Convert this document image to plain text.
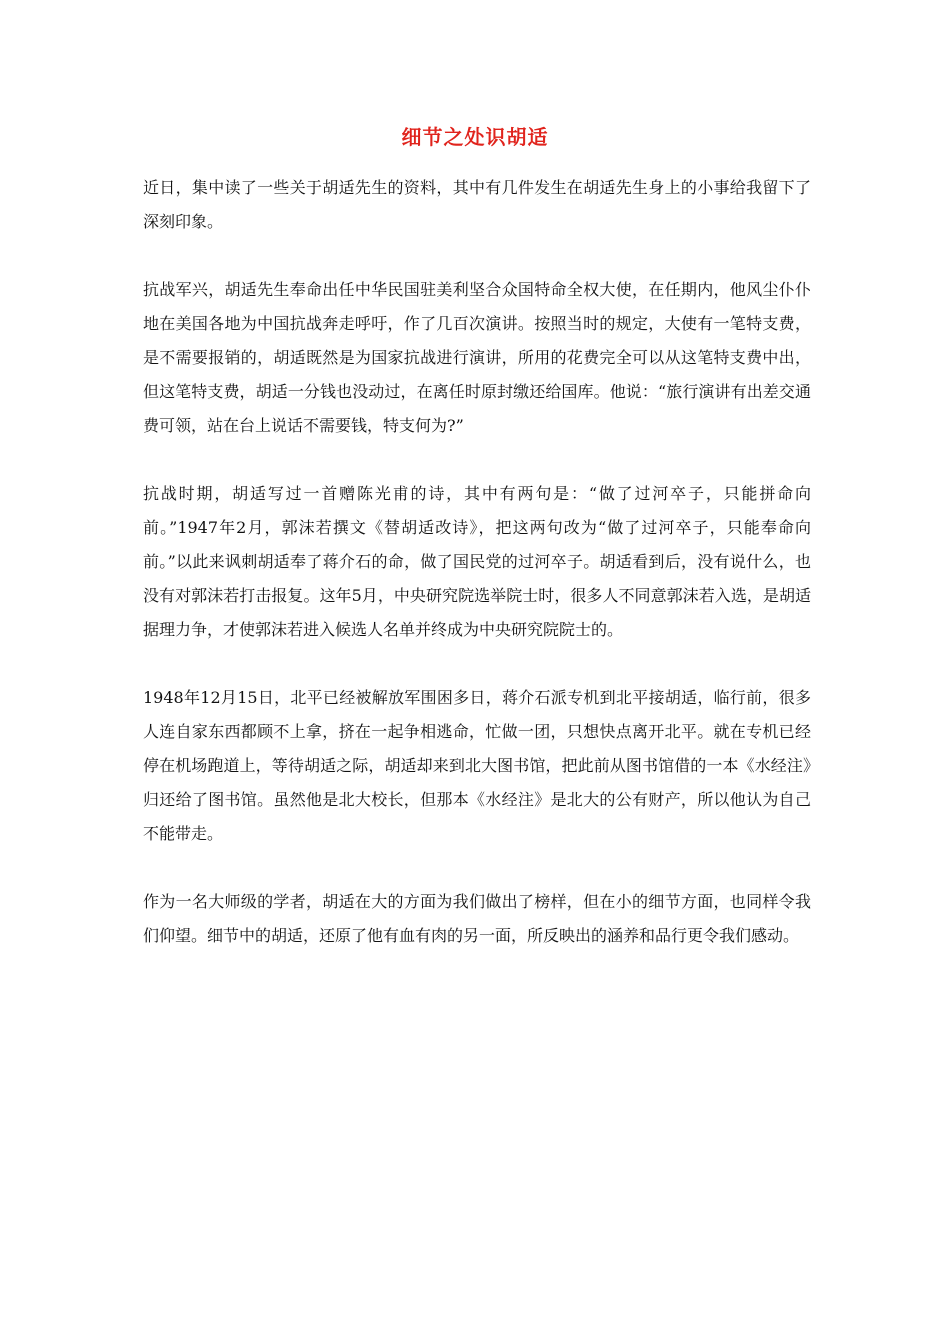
细节之处识胡适

近日，集中读了一些关于胡适先生的资料，其中有几件发生在胡适先生身上的小事给我留下了深刻印象。

抗战军兴，胡适先生奉命出任中华民国驻美利坚合众国特命全权大使，在任期内，他风尘仆仆地在美国各地为中国抗战奔走呼吁，作了几百次演讲。按照当时的规定，大使有一笔特支费，是不需要报销的，胡适既然是为国家抗战进行演讲，所用的花费完全可以从这笔特支费中出，但这笔特支费，胡适一分钱也没动过，在离任时原封缴还给国库。他说：“旅行演讲有出差交通费可领，站在台上说话不需要钱，特支何为?”

抗战时期，胡适写过一首赠陈光甫的诗，其中有两句是：“做了过河卒子，只能拼命向前。”1947年2月，郭沫若撰文《替胡适改诗》，把这两句改为“做了过河卒子，只能奉命向前。”以此来讽刺胡适奉了蒋介石的命，做了国民党的过河卒子。胡适看到后，没有说什么，也没有对郭沫若打击报复。这年5月，中央研究院选举院士时，很多人不同意郭沫若入选，是胡适据理力争，才使郭沫若进入候选人名单并终成为中央研究院院士的。

1948年12月15日，北平已经被解放军围困多日，蒋介石派专机到北平接胡适，临行前，很多人连自家东西都顾不上拿，挤在一起争相逃命，忙做一团，只想快点离开北平。就在专机已经停在机场跑道上，等待胡适之际，胡适却来到北大图书馆，把此前从图书馆借的一本《水经注》归还给了图书馆。虽然他是北大校长，但那本《水经注》是北大的公有财产，所以他认为自己不能带走。

作为一名大师级的学者，胡适在大的方面为我们做出了榜样，但在小的细节方面，也同样令我们仰望。细节中的胡适，还原了他有血有肉的另一面，所反映出的涵养和品行更令我们感动。
